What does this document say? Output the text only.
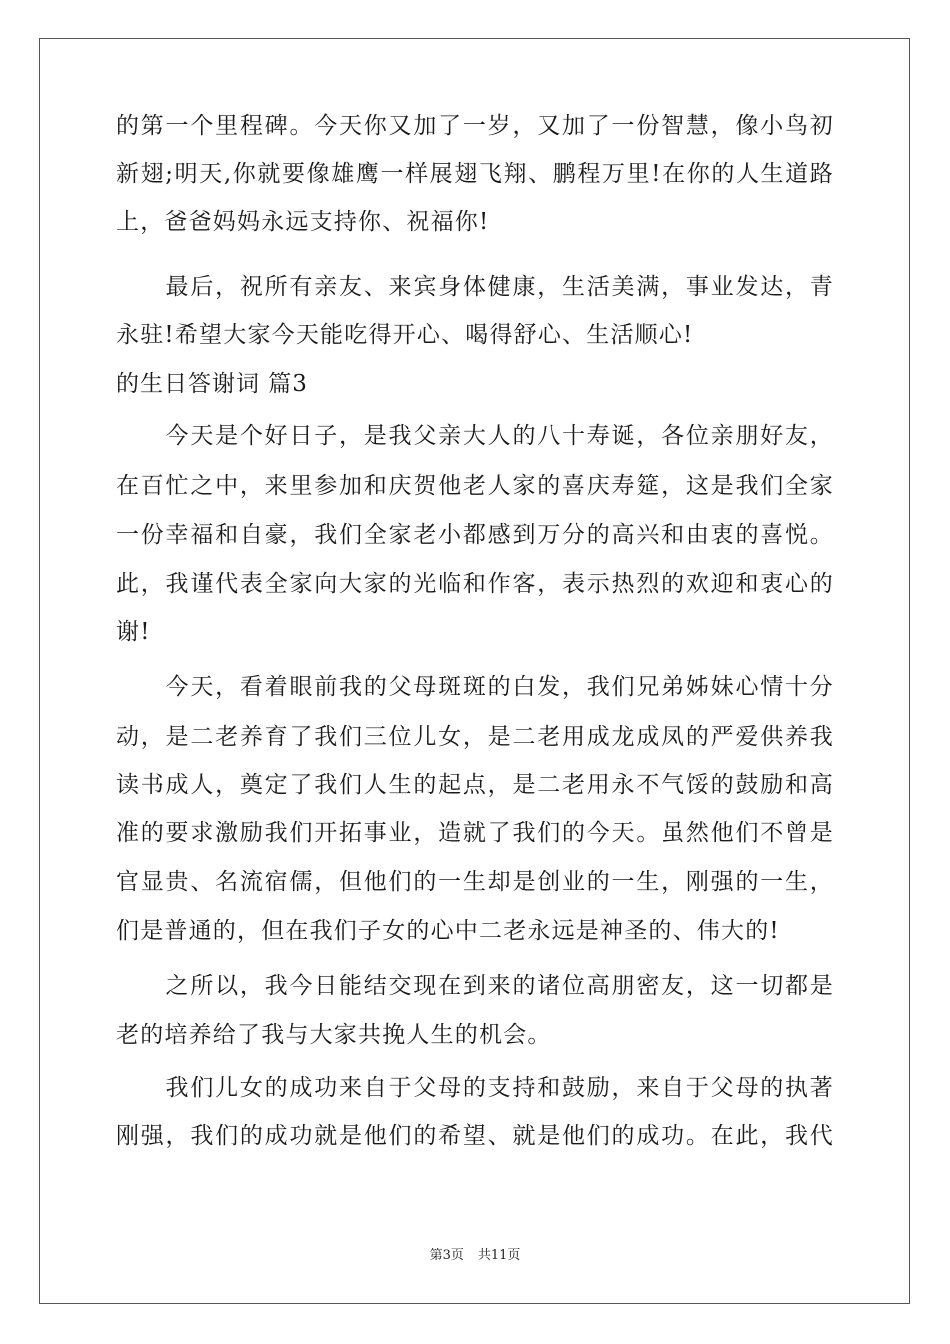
的第一个里程碑。今天你又加了一岁，又加了一份智慧，像小鸟初
新翅;明天,你就要像雄鹰一样展翅飞翔、鹏程万里!在你的人生道路
上，爸爸妈妈永远支持你、祝福你!
　　最后，祝所有亲友、来宾身体健康，生活美满，事业发达，青
永驻!希望大家今天能吃得开心、喝得舒心、生活顺心!
的生日答谢词 篇3
　　今天是个好日子，是我父亲大人的八十寿诞，各位亲朋好友，
在百忙之中，来里参加和庆贺他老人家的喜庆寿筵，这是我们全家
一份幸福和自豪，我们全家老小都感到万分的高兴和由衷的喜悦。
此，我谨代表全家向大家的光临和作客，表示热烈的欢迎和衷心的
谢!
　　今天，看着眼前我的父母斑斑的白发，我们兄弟姊妹心情十分
动，是二老养育了我们三位儿女，是二老用成龙成凤的严爱供养我
读书成人，奠定了我们人生的起点，是二老用永不气馁的鼓励和高
准的要求激励我们开拓事业，造就了我们的今天。虽然他们不曾是
官显贵、名流宿儒，但他们的一生却是创业的一生，刚强的一生，
们是普通的，但在我们子女的心中二老永远是神圣的、伟大的!
　　之所以，我今日能结交现在到来的诸位高朋密友，这一切都是
老的培养给了我与大家共挽人生的机会。
　　我们儿女的成功来自于父母的支持和鼓励，来自于父母的执著
刚强，我们的成功就是他们的希望、就是他们的成功。在此，我代
第3页 共11页
